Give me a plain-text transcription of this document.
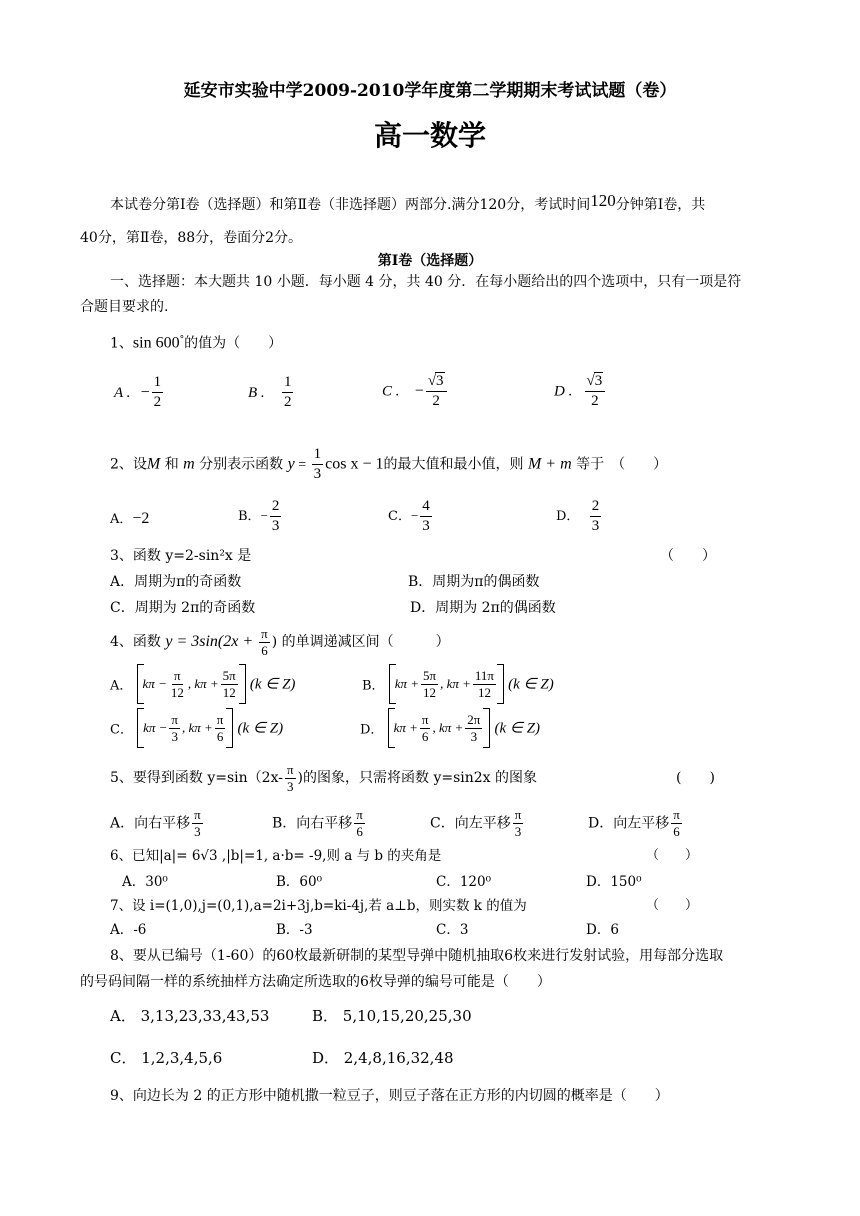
延安市实验中学2009-2010学年度第二学期期末考试试题（卷）
高一数学
本试卷分第Ⅰ卷（选择题）和第Ⅱ卷（非选择题）两部分.满分120分，考试时间120分钟第Ⅰ卷，共
40分，第Ⅱ卷，88分，卷面分2分。
第Ⅰ卷（选择题）
一、选择题：本大题共 10 小题．每小题 4 分，共 40 分．在每小题给出的四个选项中，只有一项是符
合题目要求的.
1、sin 600°的值为（　　）
A . − $\frac{1}{2}$	B . $\frac{1}{2}$	C . − $\frac{√3}{2}$	D . $\frac{√3}{2}$
2、设M 和 m 分别表示函数 $y = \frac{1}{3}$ cos x − 1的最大值和最小值，则 M + m 等于　（　　）
A．−2	B．− $\frac{2}{3}$	C．− $\frac{4}{3}$	D． $\frac{2}{3}$
3、函数 y=2-sin²x 是	（　　）
A．周期为π的奇函数	B．周期为π的偶函数
C．周期为 2π的奇函数	D．周期为 2π的偶函数
4、函数 $y = 3\sin(2x + \frac{\pi}{6}$ ) 的单调递减区间（　　　）
A． $k\pi - \frac{\pi}{12}$ , $k\pi + \frac{5\pi}{12} (k$ ∈ Z)	B． $k\pi + \frac{5\pi}{12}$ , $k\pi + \frac{11\pi}{12} (k$ ∈ Z)
C． $k\pi - \frac{\pi}{3}$ , $k\pi + \frac{\pi}{6} (k$ ∈ Z)	D． $k\pi + \frac{\pi}{6}$ , $k\pi + \frac{2\pi}{3} (k$ ∈ Z)
5、要得到函数 $y=\sin(2x- \frac{\pi}{3}$ )的图象，只需将函数 y=sin2x 的图象	(　　)
A．向右平移 $\frac{\pi}{3}$	B．向右平移 $\frac{\pi}{6}$	C．向左平移 $\frac{\pi}{3}$	D．向左平移 $\frac{\pi}{6}$
6、已知|a|= 6√3 ,|b|=1, a·b= -9,则 a 与 b 的夹角是	（　　）
A．30⁰	B．60⁰	C．120⁰	D．150⁰
7、设 i=(1,0),j=(0,1),a=2i+3j,b=ki-4j,若 a⊥b，则实数 k 的值为	（　　）
A．-6	B．-3	C．3	D．6
8、要从已编号（1-60）的60枚最新研制的某型导弹中随机抽取6枚来进行发射试验，用每部分选取
的号码间隔一样的系统抽样方法确定所选取的6枚导弹的编号可能是（　　）
A． 3,13,23,33,43,53	B． 5,10,15,20,25,30
C． 1,2,3,4,5,6	D． 2,4,8,16,32,48
9、向边长为 2 的正方形中随机撒一粒豆子，则豆子落在正方形的内切圆的概率是（　　）
